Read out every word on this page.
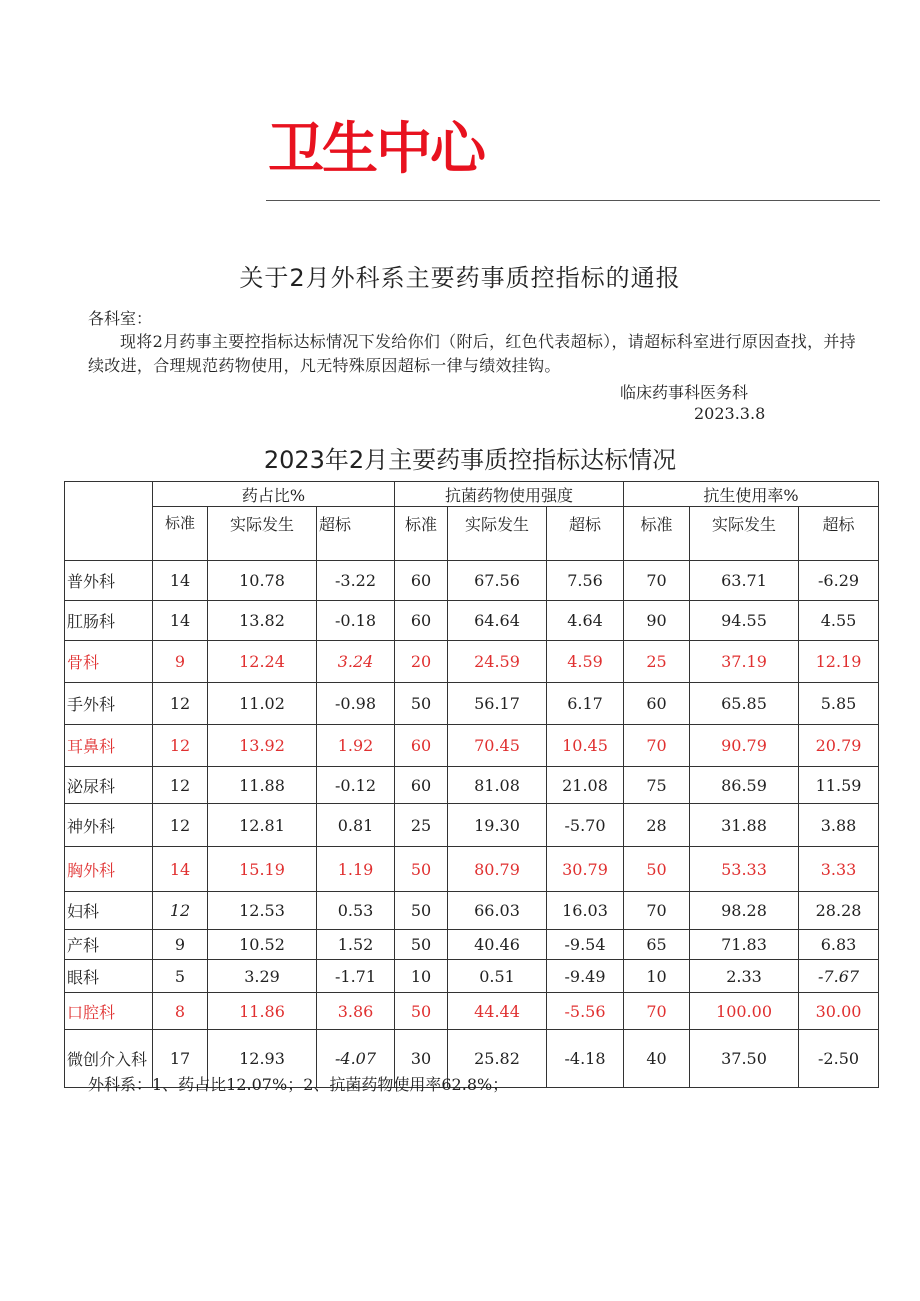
卫生中心
关于2月外科系主要药事质控指标的通报
各科室：
现将2月药事主要控指标达标情况下发给你们（附后，红色代表超标），请超标科室进行原因查找，并持续改进，合理规范药物使用，凡无特殊原因超标一律与绩效挂钩。
临床药事科医务科
2023.3.8
2023年2月主要药事质控指标达标情况
	药占比%			抗菌药物使用强度			抗生使用率%		
	标准	实际发生	超标	标准	实际发生	超标	标准	实际发生	超标
普外科	14	10.78	-3.22	60	67.56	7.56	70	63.71	-6.29
肛肠科	14	13.82	-0.18	60	64.64	4.64	90	94.55	4.55
骨科	9	12.24	3.24	20	24.59	4.59	25	37.19	12.19
手外科	12	11.02	-0.98	50	56.17	6.17	60	65.85	5.85
耳鼻科	12	13.92	1.92	60	70.45	10.45	70	90.79	20.79
泌尿科	12	11.88	-0.12	60	81.08	21.08	75	86.59	11.59
神外科	12	12.81	0.81	25	19.30	-5.70	28	31.88	3.88
胸外科	14	15.19	1.19	50	80.79	30.79	50	53.33	3.33
妇科	12	12.53	0.53	50	66.03	16.03	70	98.28	28.28
产科	9	10.52	1.52	50	40.46	-9.54	65	71.83	6.83
眼科	5	3.29	-1.71	10	0.51	-9.49	10	2.33	-7.67
口腔科	8	11.86	3.86	50	44.44	-5.56	70	100.00	30.00
微创介入科	17	12.93	-4.07	30	25.82	-4.18	40	37.50	-2.50
外科系：1、药占比12.07%；2、抗菌药物使用率62.8%；
